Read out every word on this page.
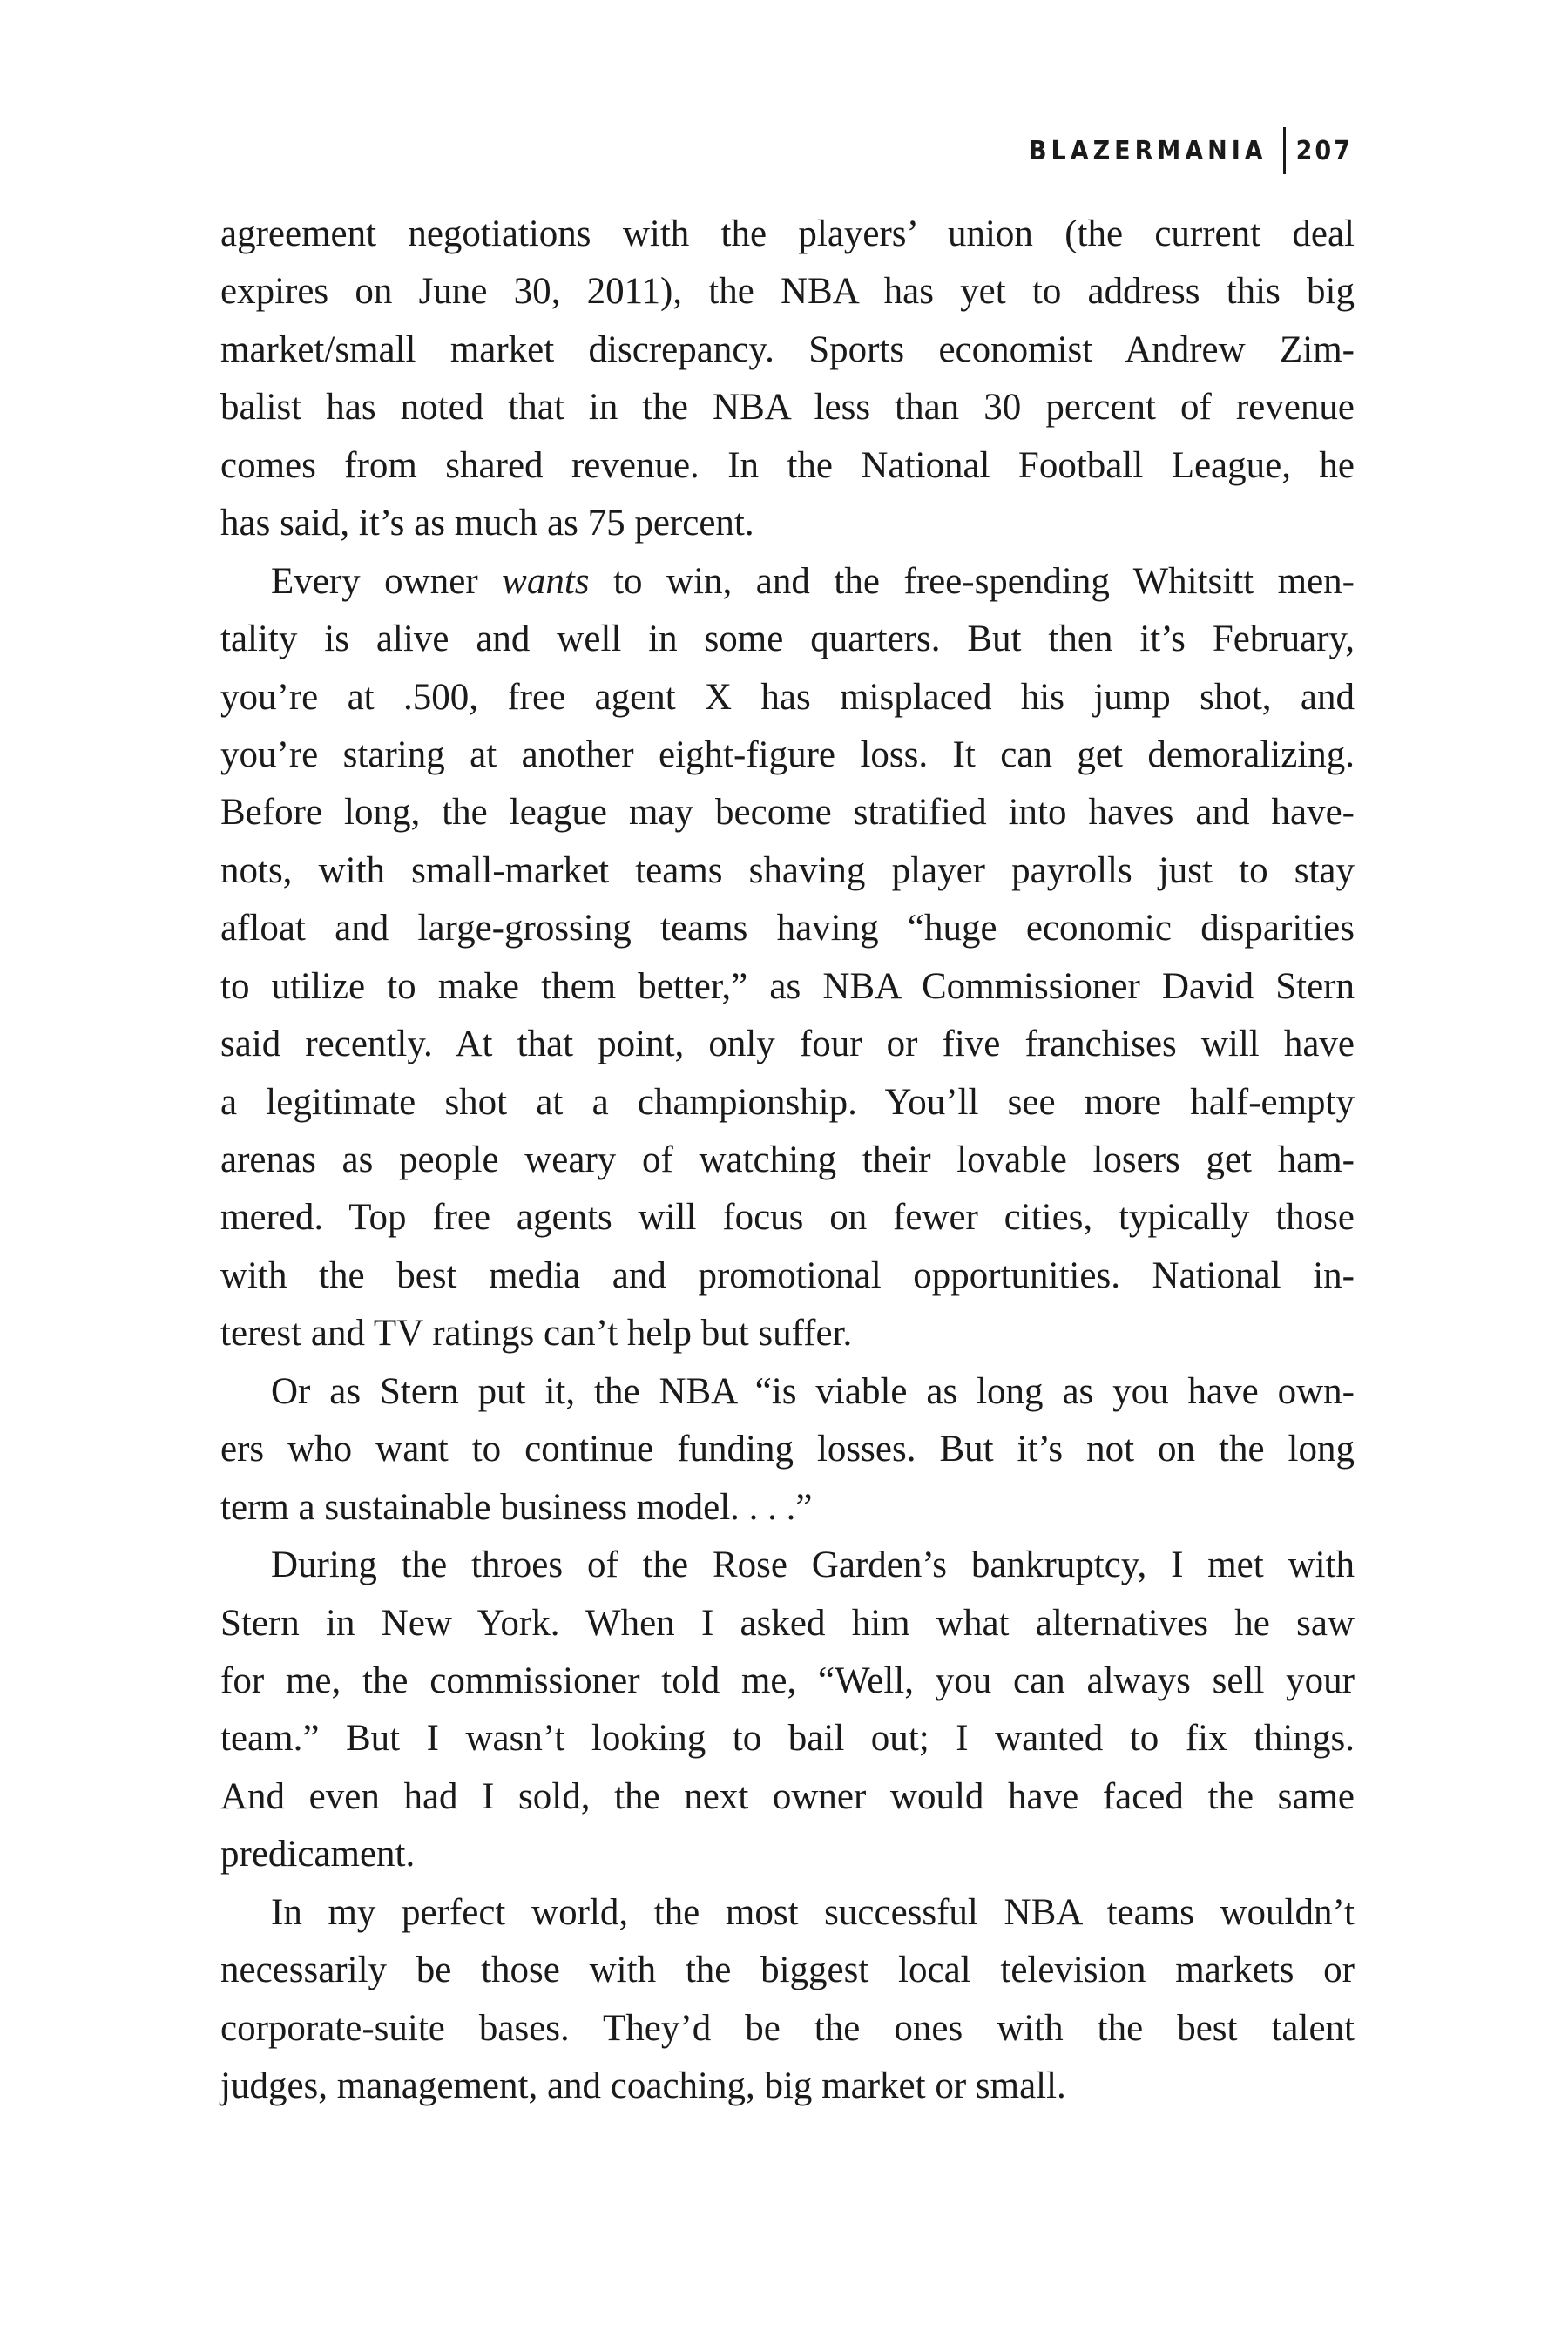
BLAZERMANIA	207
agreement negotiations with the players’ union (the current deal
expires on June 30, 2011), the NBA has yet to address this big
market/small market discrepancy. Sports economist Andrew Zim-
balist has noted that in the NBA less than 30 percent of revenue
comes from shared revenue. In the National Football League, he
has said, it’s as much as 75 percent.
Every owner wants to win, and the free-spending Whitsitt men-
tality is alive and well in some quarters. But then it’s February,
you’re at .500, free agent X has misplaced his jump shot, and
you’re staring at another eight-figure loss. It can get demoralizing.
Before long, the league may become stratified into haves and have-
nots, with small-market teams shaving player payrolls just to stay
afloat and large-grossing teams having “huge economic disparities
to utilize to make them better,” as NBA Commissioner David Stern
said recently. At that point, only four or five franchises will have
a legitimate shot at a championship. You’ll see more half-empty
arenas as people weary of watching their lovable losers get ham-
mered. Top free agents will focus on fewer cities, typically those
with the best media and promotional opportunities. National in-
terest and TV ratings can’t help but suffer.
Or as Stern put it, the NBA “is viable as long as you have own-
ers who want to continue funding losses. But it’s not on the long
term a sustainable business model. . . .”
During the throes of the Rose Garden’s bankruptcy, I met with
Stern in New York. When I asked him what alternatives he saw
for me, the commissioner told me, “Well, you can always sell your
team.” But I wasn’t looking to bail out; I wanted to fix things.
And even had I sold, the next owner would have faced the same
predicament.
In my perfect world, the most successful NBA teams wouldn’t
necessarily be those with the biggest local television markets or
corporate-suite bases. They’d be the ones with the best talent
judges, management, and coaching, big market or small.
